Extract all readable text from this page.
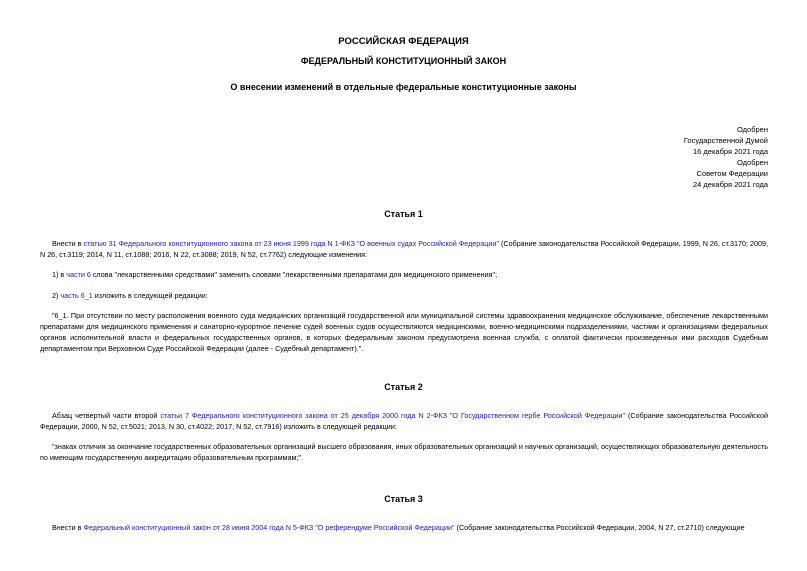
РОССИЙСКАЯ ФЕДЕРАЦИЯ
ФЕДЕРАЛЬНЫЙ КОНСТИТУЦИОННЫЙ ЗАКОН
О внесении изменений в отдельные федеральные конституционные законы
Одобрен
Государственной Думой
16 декабря 2021 года
Одобрен
Советом Федерации
24 декабря 2021 года
Статья 1
Внести в статью 31 Федерального конституционного закона от 23 июня 1999 года N 1-ФКЗ "О военных судах Российской Федерации" (Собрание законодательства Российской Федерации, 1999, N 26, ст.3170; 2009, N 26, ст.3119; 2014, N 11, ст.1088; 2016, N 22, ст.3088; 2019, N 52, ст.7762) следующие изменения:
1) в части 6 слова "лекарственными средствами" заменить словами "лекарственными препаратами для медицинского применения";
2) часть 6_1 изложить в следующей редакции:
"6_1. При отсутствии по месту расположения военного суда медицинских организаций государственной или муниципальной системы здравоохранения медицинское обслуживание, обеспечение лекарственными препаратами для медицинского применения и санаторно-курортное лечение судей военных судов осуществляются медицинскими, военно-медицинскими подразделениями, частями и организациями федеральных органов исполнительной власти и федеральных государственных органов, в которых федеральным законом предусмотрена военная служба, с оплатой фактически произведенных ими расходов Судебным департаментом при Верховном Суде Российской Федерации (далее - Судебный департамент).".
Статья 2
Абзац четвертый части второй статьи 7 Федерального конституционного закона от 25 декабря 2000 года N 2-ФКЗ "О Государственном гербе Российской Федерации" (Собрание законодательства Российской Федерации, 2000, N 52, ст.5021; 2013, N 30, ст.4022; 2017, N 52, ст.7916) изложить в следующей редакции:
"знаках отличия за окончание государственных образовательных организаций высшего образования, иных образовательных организаций и научных организаций, осуществляющих образовательную деятельность по имеющим государственную аккредитацию образовательным программам;".
Статья 3
Внести в Федеральный конституционный закон от 28 июня 2004 года N 5-ФКЗ "О референдуме Российской Федерации" (Собрание законодательства Российской Федерации, 2004, N 27, ст.2710) следующие
